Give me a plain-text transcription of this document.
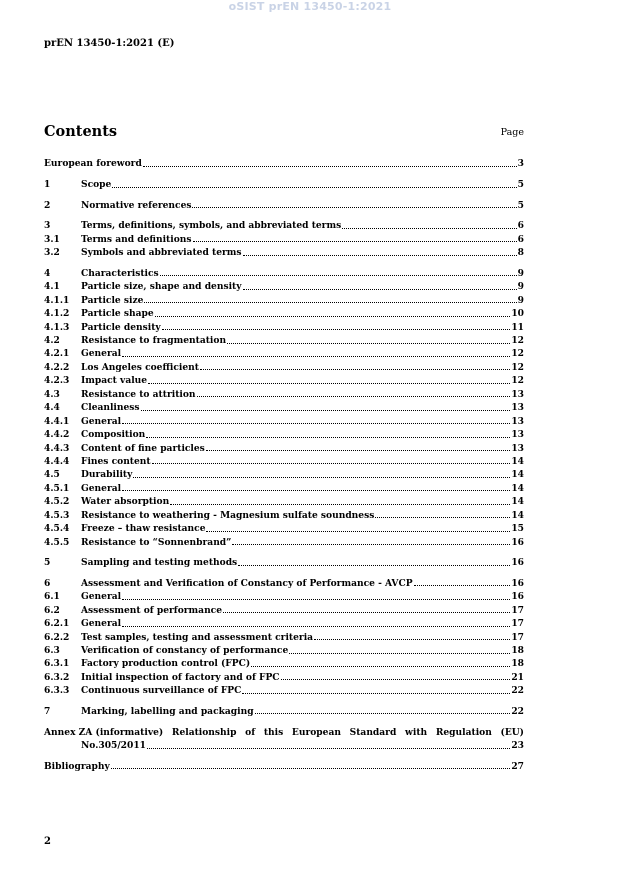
oSIST prEN 13450-1:2021
prEN 13450-1:2021 (E)
Contents	Page
European foreword	3
1	Scope	5
2	Normative references	5
3	Terms, definitions, symbols, and abbreviated terms	6
3.1	Terms and definitions	6
3.2	Symbols and abbreviated terms	8
4	Characteristics	9
4.1	Particle size, shape and density	9
4.1.1	Particle size	9
4.1.2	Particle shape	10
4.1.3	Particle density	11
4.2	Resistance to fragmentation	12
4.2.1	General	12
4.2.2	Los Angeles coefficient	12
4.2.3	Impact value	12
4.3	Resistance to attrition	13
4.4	Cleanliness	13
4.4.1	General	13
4.4.2	Composition	13
4.4.3	Content of fine particles	13
4.4.4	Fines content	14
4.5	Durability	14
4.5.1	General	14
4.5.2	Water absorption	14
4.5.3	Resistance to weathering - Magnesium sulfate soundness	14
4.5.4	Freeze – thaw resistance	15
4.5.5	Resistance to “Sonnenbrand”	16
5	Sampling and testing methods	16
6	Assessment and Verification of Constancy of Performance - AVCP	16
6.1	General	16
6.2	Assessment of performance	17
6.2.1	General	17
6.2.2	Test samples, testing and assessment criteria	17
6.3	Verification of constancy of performance	18
6.3.1	Factory production control (FPC)	18
6.3.2	Initial inspection of factory and of FPC	21
6.3.3	Continuous surveillance of FPC	22
7	Marking, labelling and packaging	22
Annex ZA (informative) Relationship of this European Standard with Regulation (EU)
No.305/2011	23
Bibliography	27
2
